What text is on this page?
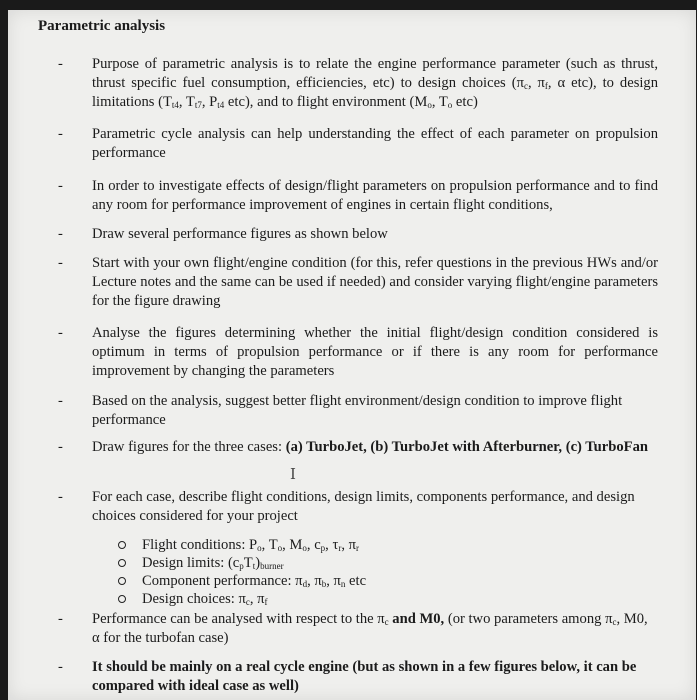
Parametric analysis
-	Purpose of parametric analysis is to relate the engine performance parameter (such as thrust, thrust specific fuel consumption, efficiencies, etc) to design choices ($\pi_c$, $\pi_f$, α etc), to design limitations ($T_{t4}$, $T_{t7}$, $P_{t4}$ etc), and to flight environment ($M_o$, $T_o$ etc)
-	Parametric cycle analysis can help understanding the effect of each parameter on propulsion performance
-	In order to investigate effects of design/flight parameters on propulsion performance and to find any room for performance improvement of engines in certain flight conditions,
-	Draw several performance figures as shown below
-	Start with your own flight/engine condition (for this, refer questions in the previous HWs and/or Lecture notes and the same can be used if needed) and consider varying flight/engine parameters for the figure drawing
-	Analyse the figures determining whether the initial flight/design condition considered is optimum in terms of propulsion performance or if there is any room for performance improvement by changing the parameters
-	Based on the analysis, suggest better flight environment/design condition to improve flight performance
-	Draw figures for the three cases: (a) TurboJet, (b) TurboJet with Afterburner, (c) TurboFan
I
-	For each case, describe flight conditions, design limits, components performance, and design choices considered for your project
Flight conditions: $P_o$, $T_o$, $M_o$, $c_p$, $\tau_r$, $\pi_r$
Design limits: $(c_pT_t)_{burner}$
Component performance: $\pi_d$, $\pi_b$, $\pi_n$ etc
Design choices: $\pi_c$, $\pi_f$
-	Performance can be analysed with respect to the $\pi_c$ and M0, (or two parameters among $\pi_c$, M0, α for the turbofan case)
-	It should be mainly on a real cycle engine (but as shown in a few figures below, it can be compared with ideal case as well)
